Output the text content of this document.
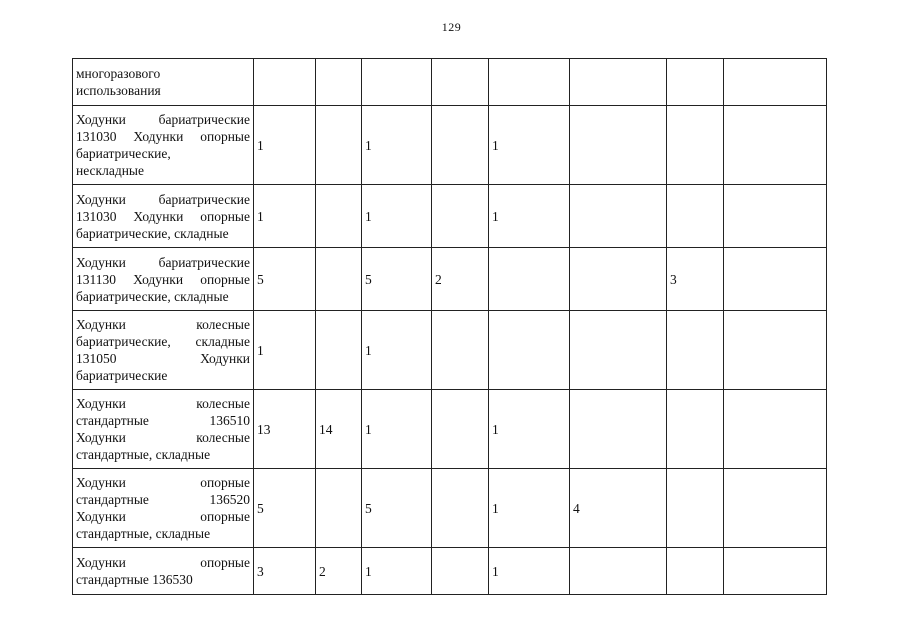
129
многоразового
использования								

Ходунки бариатрические
131030 Ходунки опорные
бариатрические,
нескладные	1		1		1			

Ходунки бариатрические
131030 Ходунки опорные
бариатрические, складные	1		1		1			

Ходунки бариатрические
131130 Ходунки опорные
бариатрические, складные	5		5	2			3	

Ходунки колесные
бариатрические, складные
131050 Ходунки
бариатрические	1		1					

Ходунки колесные
стандартные 136510
Ходунки колесные
стандартные, складные	13	14	1		1			

Ходунки опорные
стандартные 136520
Ходунки опорные
стандартные, складные	5		5		1	4		

Ходунки опорные
стандартные 136530	3	2	1		1			
